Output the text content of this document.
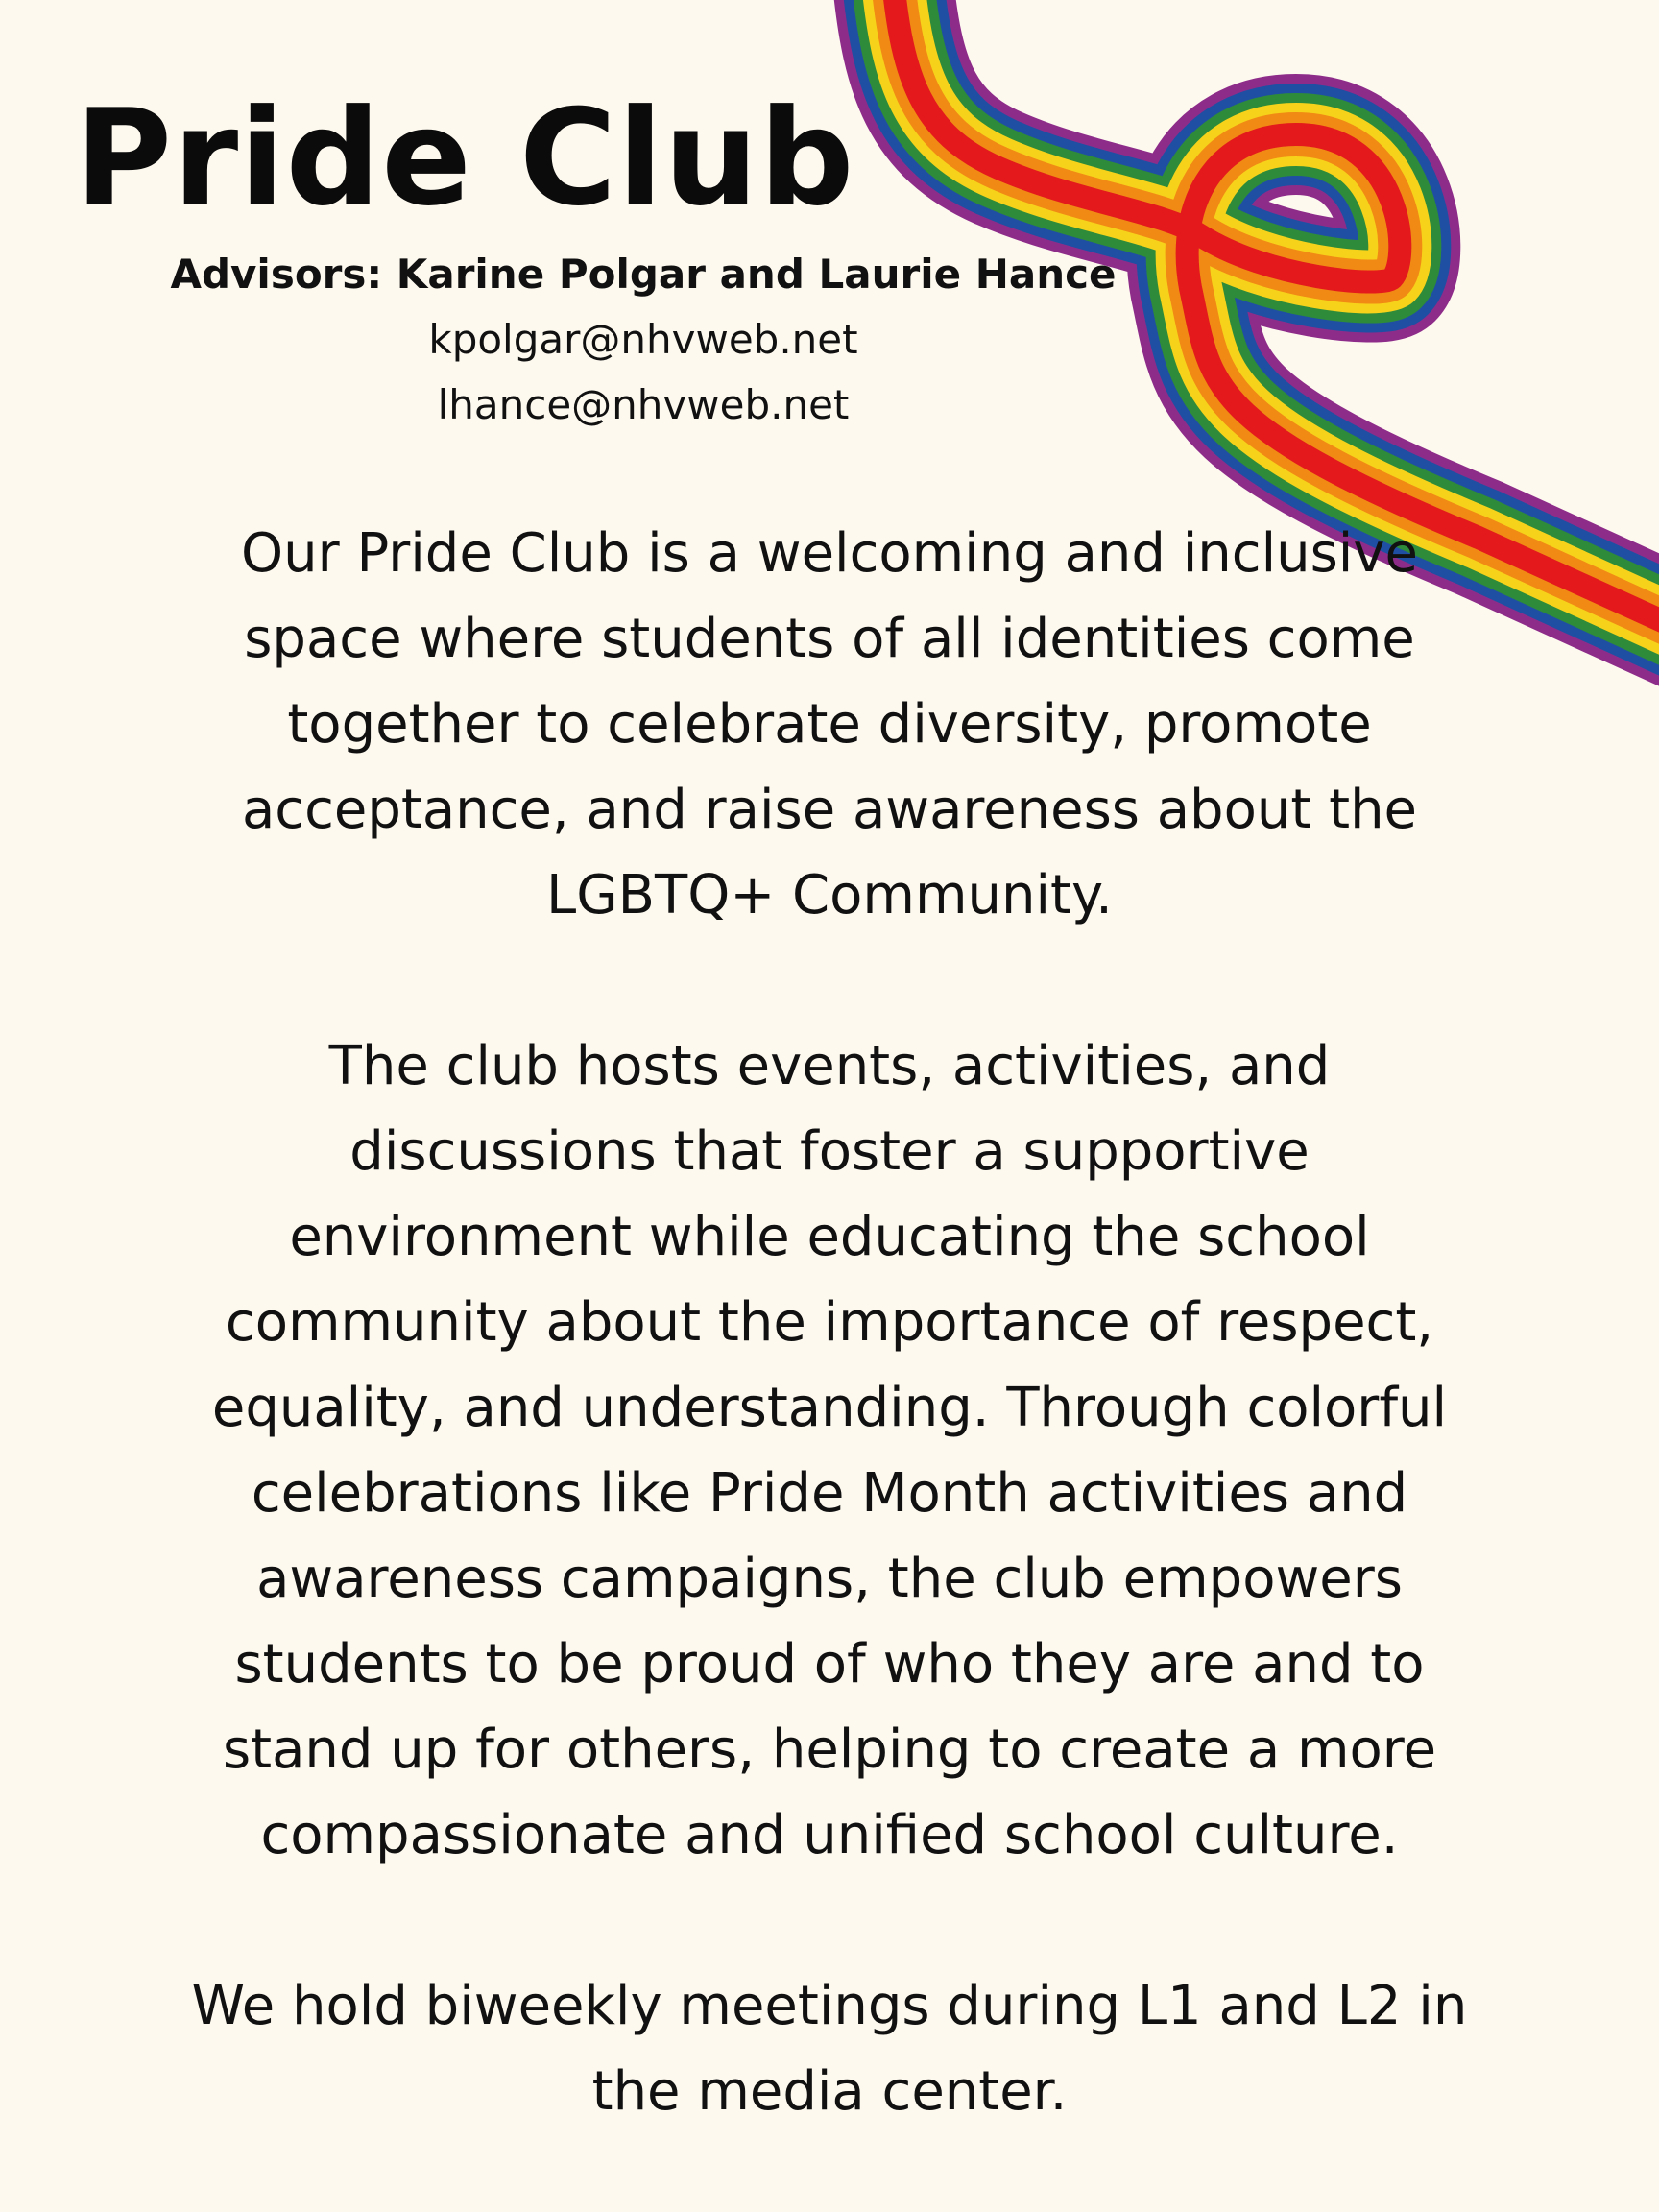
Pride Club
Advisors: Karine Polgar and Laurie Hance
kpolgar@nhvweb.net
lhance@nhvweb.net
Our Pride Club is a welcoming and inclusive
space where students of all identities come
together to celebrate diversity, promote
acceptance, and raise awareness about the
LGBTQ+ Community.
The club hosts events, activities, and
discussions that foster a supportive
environment while educating the school
community about the importance of respect,
equality, and understanding. Through colorful
celebrations like Pride Month activities and
awareness campaigns, the club empowers
students to be proud of who they are and to
stand up for others, helping to create a more
compassionate and unified school culture.
We hold biweekly meetings during L1 and L2 in
the media center.
